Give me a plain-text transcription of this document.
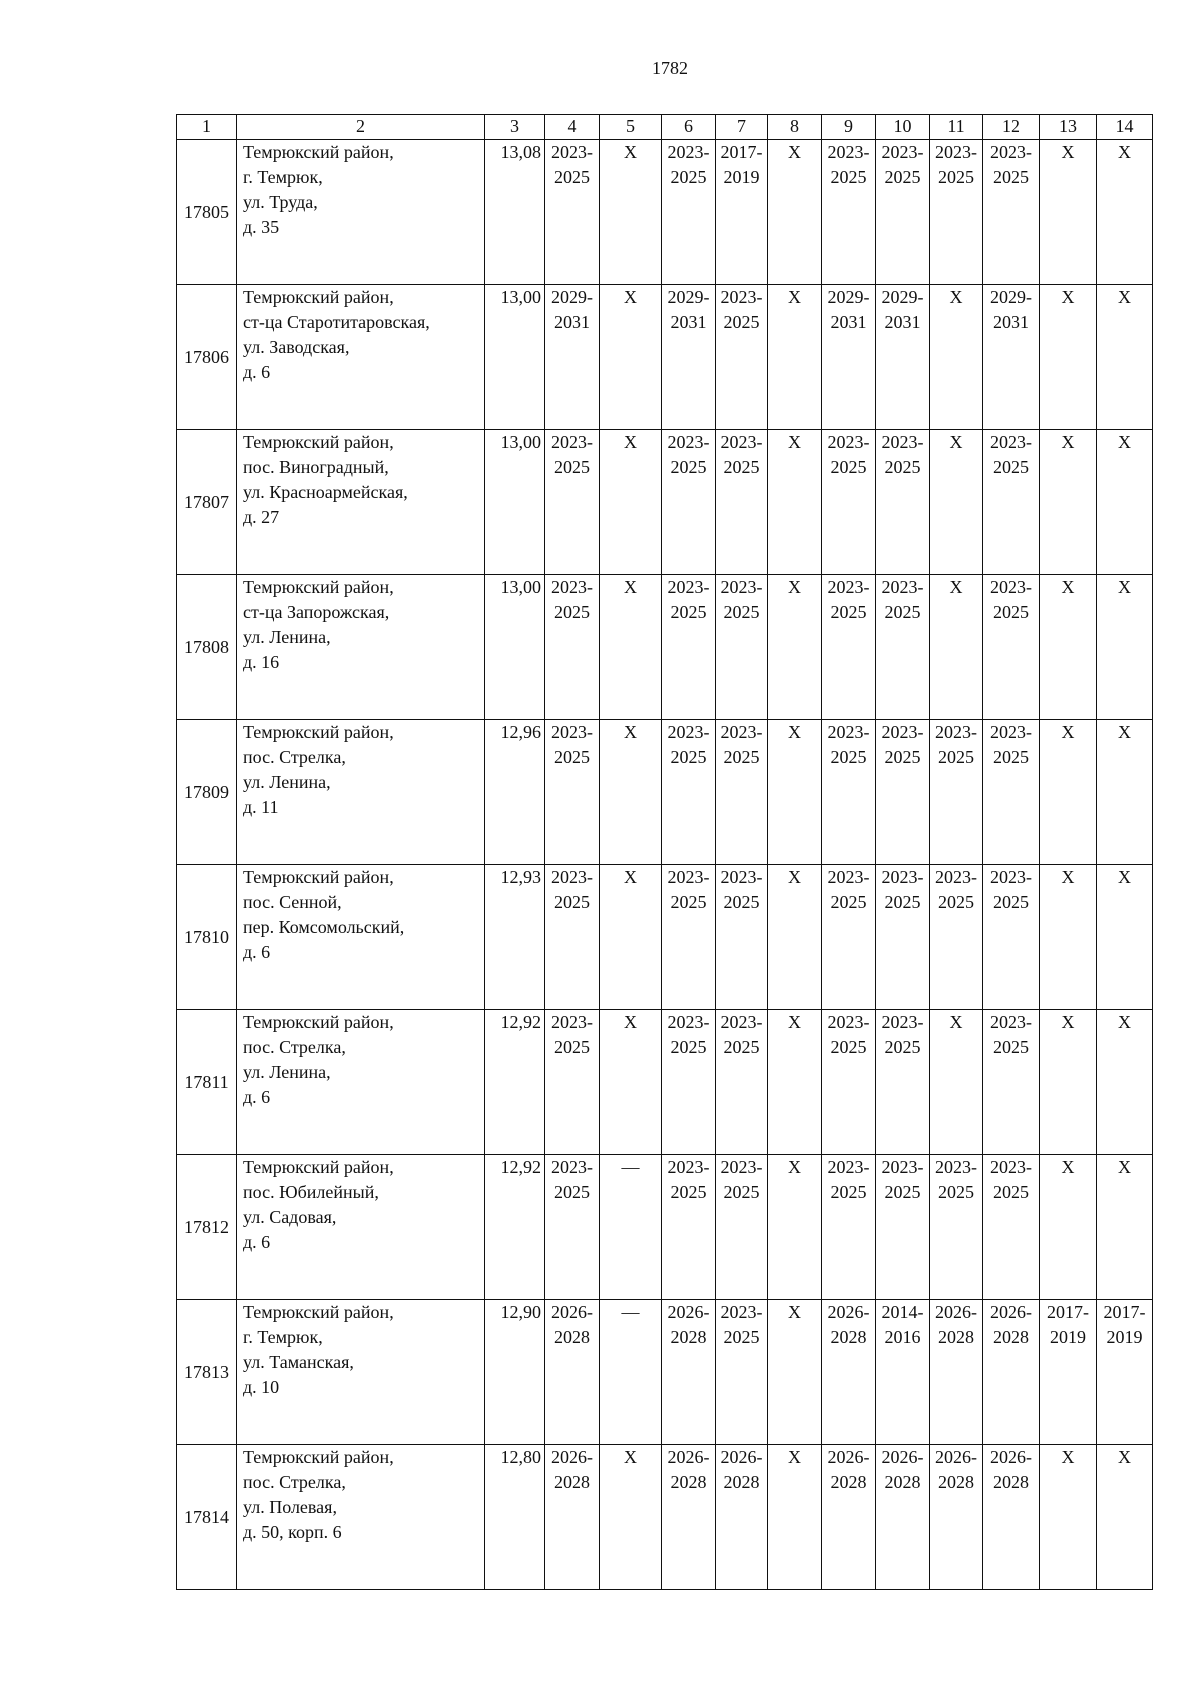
1782
1	2	3	4	5	6	7	8	9	10	11	12	13	14
17805	Темрюкский район,
г. Темрюк,
ул. Труда,
д. 35	13,08	2023-
2025	Х	2023-
2025	2017-
2019	Х	2023-
2025	2023-
2025	2023-
2025	2023-
2025	Х	Х

17806	Темрюкский район,
ст-ца Старотитаровская,
ул. Заводская,
д. 6	13,00	2029-
2031	Х	2029-
2031	2023-
2025	Х	2029-
2031	2029-
2031	Х	2029-
2031	Х	Х

17807	Темрюкский район,
пос. Виноградный,
ул. Красноармейская,
д. 27	13,00	2023-
2025	Х	2023-
2025	2023-
2025	Х	2023-
2025	2023-
2025	Х	2023-
2025	Х	Х

17808	Темрюкский район,
ст-ца Запорожская,
ул. Ленина,
д. 16	13,00	2023-
2025	Х	2023-
2025	2023-
2025	Х	2023-
2025	2023-
2025	Х	2023-
2025	Х	Х

17809	Темрюкский район,
пос. Стрелка,
ул. Ленина,
д. 11	12,96	2023-
2025	Х	2023-
2025	2023-
2025	Х	2023-
2025	2023-
2025	2023-
2025	2023-
2025	Х	Х

17810	Темрюкский район,
пос. Сенной,
пер. Комсомольский,
д. 6	12,93	2023-
2025	Х	2023-
2025	2023-
2025	Х	2023-
2025	2023-
2025	2023-
2025	2023-
2025	Х	Х

17811	Темрюкский район,
пос. Стрелка,
ул. Ленина,
д. 6	12,92	2023-
2025	Х	2023-
2025	2023-
2025	Х	2023-
2025	2023-
2025	Х	2023-
2025	Х	Х

17812	Темрюкский район,
пос. Юбилейный,
ул. Садовая,
д. 6	12,92	2023-
2025	—	2023-
2025	2023-
2025	Х	2023-
2025	2023-
2025	2023-
2025	2023-
2025	Х	Х

17813	Темрюкский район,
г. Темрюк,
ул. Таманская,
д. 10	12,90	2026-
2028	—	2026-
2028	2023-
2025	Х	2026-
2028	2014-
2016	2026-
2028	2026-
2028	2017-
2019	2017-
2019

17814	Темрюкский район,
пос. Стрелка,
ул. Полевая,
д. 50, корп. 6	12,80	2026-
2028	Х	2026-
2028	2026-
2028	Х	2026-
2028	2026-
2028	2026-
2028	2026-
2028	Х	Х
